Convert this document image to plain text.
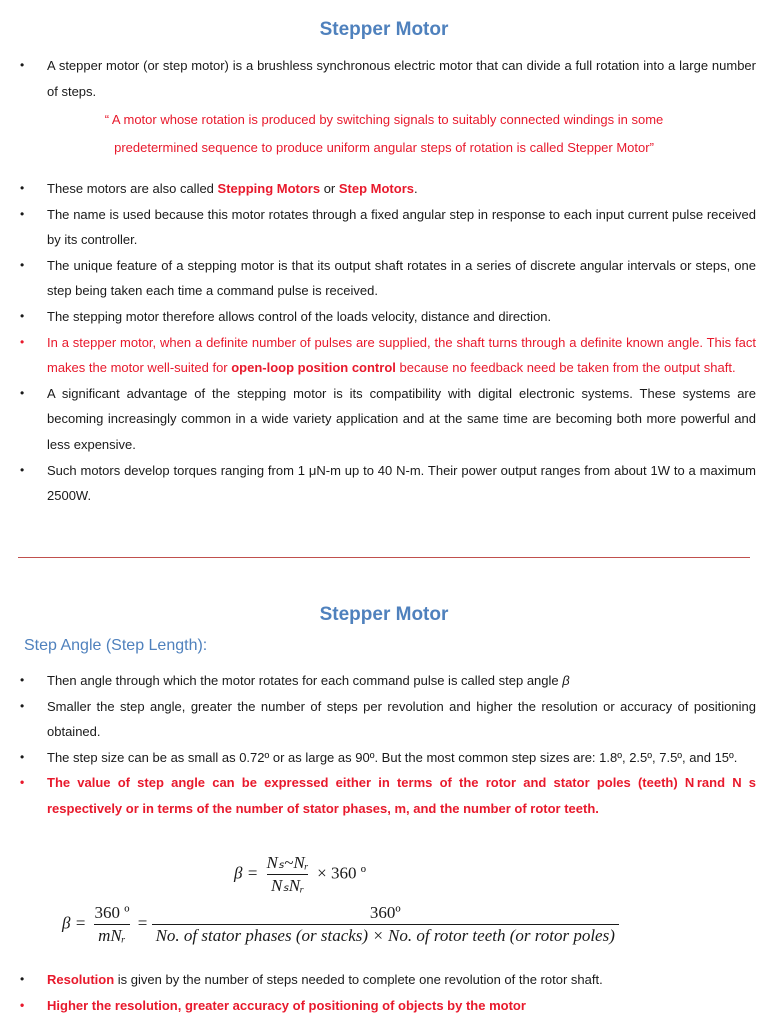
Stepper Motor
• A stepper motor (or step motor) is a brushless synchronous electric motor that can divide a full rotation into a large number of steps.
“ A motor whose rotation is produced by switching signals to suitably connected windings in some
predetermined sequence to produce uniform angular steps of rotation is called Stepper Motor”
• These motors are also called Stepping Motors or Step Motors.
• The name is used because this motor rotates through a fixed angular step in response to each input current pulse received by its controller.
• The unique feature of a stepping motor is that its output shaft rotates in a series of discrete angular intervals or steps, one step being taken each time a command pulse is received.
• The stepping motor therefore allows control of the loads velocity, distance and direction.
• In a stepper motor, when a definite number of pulses are supplied, the shaft turns through a definite known angle. This fact makes the motor well-suited for open-loop position control because no feedback need be taken from the output shaft.
• A significant advantage of the stepping motor is its compatibility with digital electronic systems. These systems are becoming increasingly common in a wide variety application and at the same time are becoming both more powerful and less expensive.
• Such motors develop torques ranging from 1 μN-m up to 40 N-m. Their power output ranges from about 1W to a maximum 2500W.
Stepper Motor
Step Angle (Step Length):
• Then angle through which the motor rotates for each command pulse is called step angle β
• Smaller the step angle, greater the number of steps per revolution and higher the resolution or accuracy of positioning obtained.
• The step size can be as small as 0.72º or as large as 90º. But the most common step sizes are: 1.8º, 2.5º, 7.5º, and 15º.
• The value of step angle can be expressed either in terms of the rotor and stator poles (teeth) N rand N s respectively or in terms of the number of stator phases, m, and the number of rotor teeth.
$\beta = \frac{\text{Nₛ\textasciitilde{}Nᵣ}}{\text{NₛNᵣ}} \times 360$ º
$\beta = \frac{\text{360 º}}{\text{mNᵣ}}$ =
360º
No. of stator phases (or stacks) × No. of rotor teeth (or rotor poles)
• Resolution is given by the number of steps needed to complete one revolution of the rotor shaft.
• Higher the resolution, greater accuracy of positioning of objects by the motor
